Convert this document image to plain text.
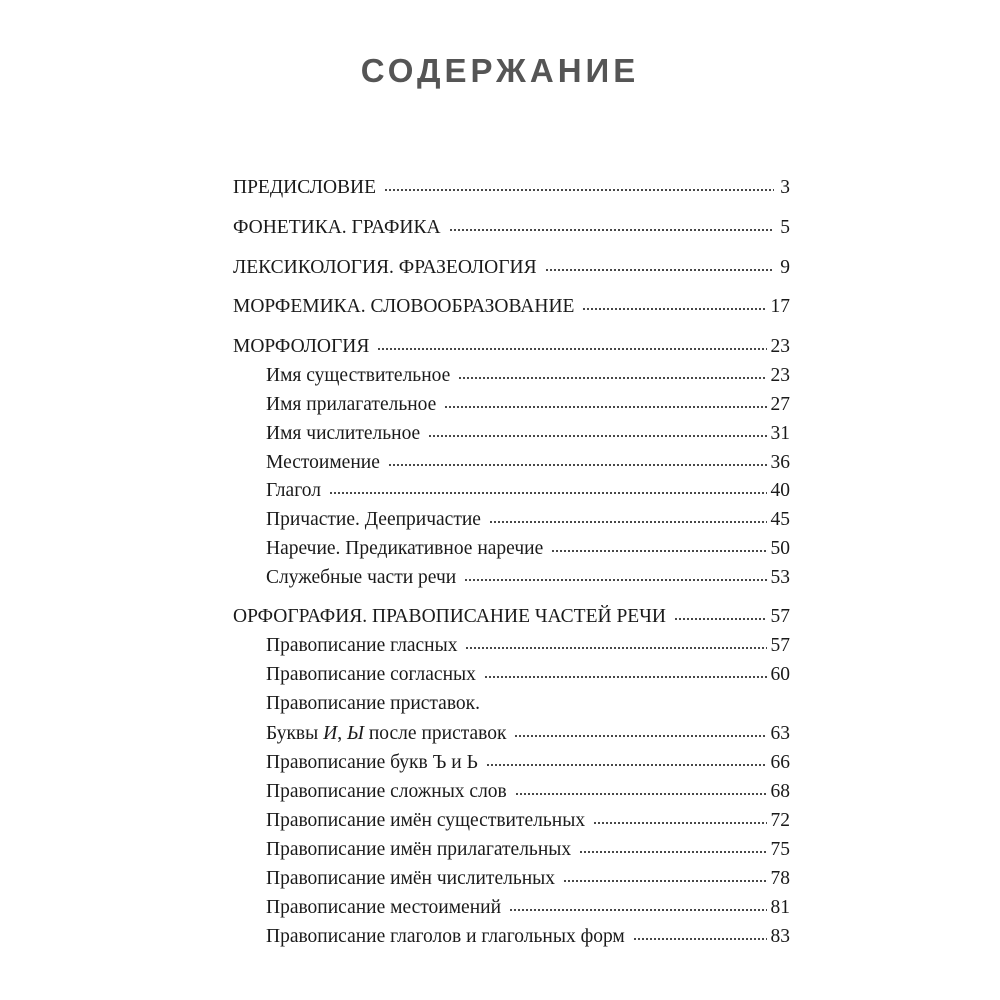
СОДЕРЖАНИЕ
ПРЕДИСЛОВИЕ	3
ФОНЕТИКА. ГРАФИКА	5
ЛЕКСИКОЛОГИЯ. ФРАЗЕОЛОГИЯ	9
МОРФЕМИКА. СЛОВООБРАЗОВАНИЕ	17
МОРФОЛОГИЯ	23
Имя существительное	23
Имя прилагательное	27
Имя числительное	31
Местоимение	36
Глагол	40
Причастие. Деепричастие	45
Наречие. Предикативное наречие	50
Служебные части речи	53
ОРФОГРАФИЯ. ПРАВОПИСАНИЕ ЧАСТЕЙ РЕЧИ	57
Правописание гласных	57
Правописание согласных	60
Правописание приставок.
Буквы И, Ы после приставок	63
Правописание букв Ъ и Ь	66
Правописание сложных слов	68
Правописание имён существительных	72
Правописание имён прилагательных	75
Правописание имён числительных	78
Правописание местоимений	81
Правописание глаголов и глагольных форм	83
